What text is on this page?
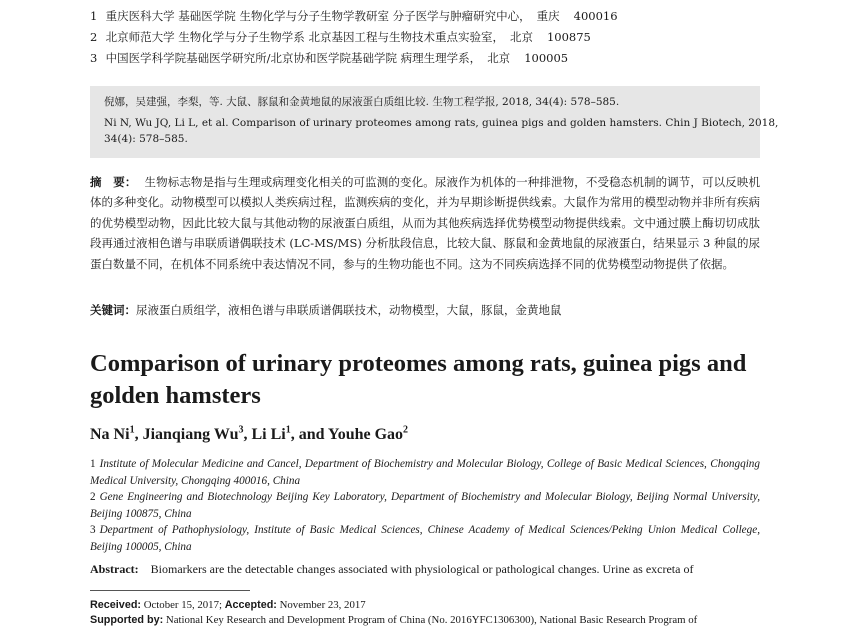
1 重庆医科大学 基础医学院 生物化学与分子生物学教研室 分子医学与肿瘤研究中心， 重庆 400016
2 北京师范大学 生物化学与分子生物学系 北京基因工程与生物技术重点实验室， 北京 100875
3 中国医学科学院基础医学研究所/北京协和医学院基础学院 病理生理学系， 北京 100005
倪娜，吴建强，李梨，等. 大鼠、豚鼠和金黄地鼠的尿液蛋白质组比较. 生物工程学报, 2018, 34(4): 578–585.
Ni N, Wu JQ, Li L, et al. Comparison of urinary proteomes among rats, guinea pigs and golden hamsters. Chin J Biotech, 2018,
34(4): 578–585.
摘　要： 生物标志物是指与生理或病理变化相关的可监测的变化。尿液作为机体的一种排泄物，不受稳态机制的调节，可以反映机体的多种变化。动物模型可以模拟人类疾病过程，监测疾病的变化，并为早期诊断提供线索。大鼠作为常用的模型动物并非所有疾病的优势模型动物，因此比较大鼠与其他动物的尿液蛋白质组，从而为其他疾病选择优势模型动物提供线索。文中通过膜上酶切切成肽段再通过液相色谱与串联质谱偶联技术 (LC-MS/MS) 分析肽段信息，比较大鼠、豚鼠和金黄地鼠的尿液蛋白，结果显示 3 种鼠的尿蛋白数量不同，在机体不同系统中表达情况不同，参与的生物功能也不同。这为不同疾病选择不同的优势模型动物提供了依据。
关键词：尿液蛋白质组学，液相色谱与串联质谱偶联技术，动物模型，大鼠，豚鼠，金黄地鼠
Comparison of urinary proteomes among rats, guinea pigs and golden hamsters
Na Ni$^1$, Jianqiang Wu$^3$, Li Li$^1$, and Youhe Gao$^2$
1 Institute of Molecular Medicine and Cancel, Department of Biochemistry and Molecular Biology, College of Basic Medical Sciences, Chongqing Medical University, Chongqing 400016, China
2 Gene Engineering and Biotechnology Beijing Key Laboratory, Department of Biochemistry and Molecular Biology, Beijing Normal University, Beijing 100875, China
3 Department of Pathophysiology, Institute of Basic Medical Sciences, Chinese Academy of Medical Sciences/Peking Union Medical College, Beijing 100005, China
Abstract: Biomarkers are the detectable changes associated with physiological or pathological changes. Urine as excreta of
Received: October 15, 2017; Accepted: November 23, 2017
Supported by: National Key Research and Development Program of China (No. 2016YFC1306300), National Basic Research Program of
